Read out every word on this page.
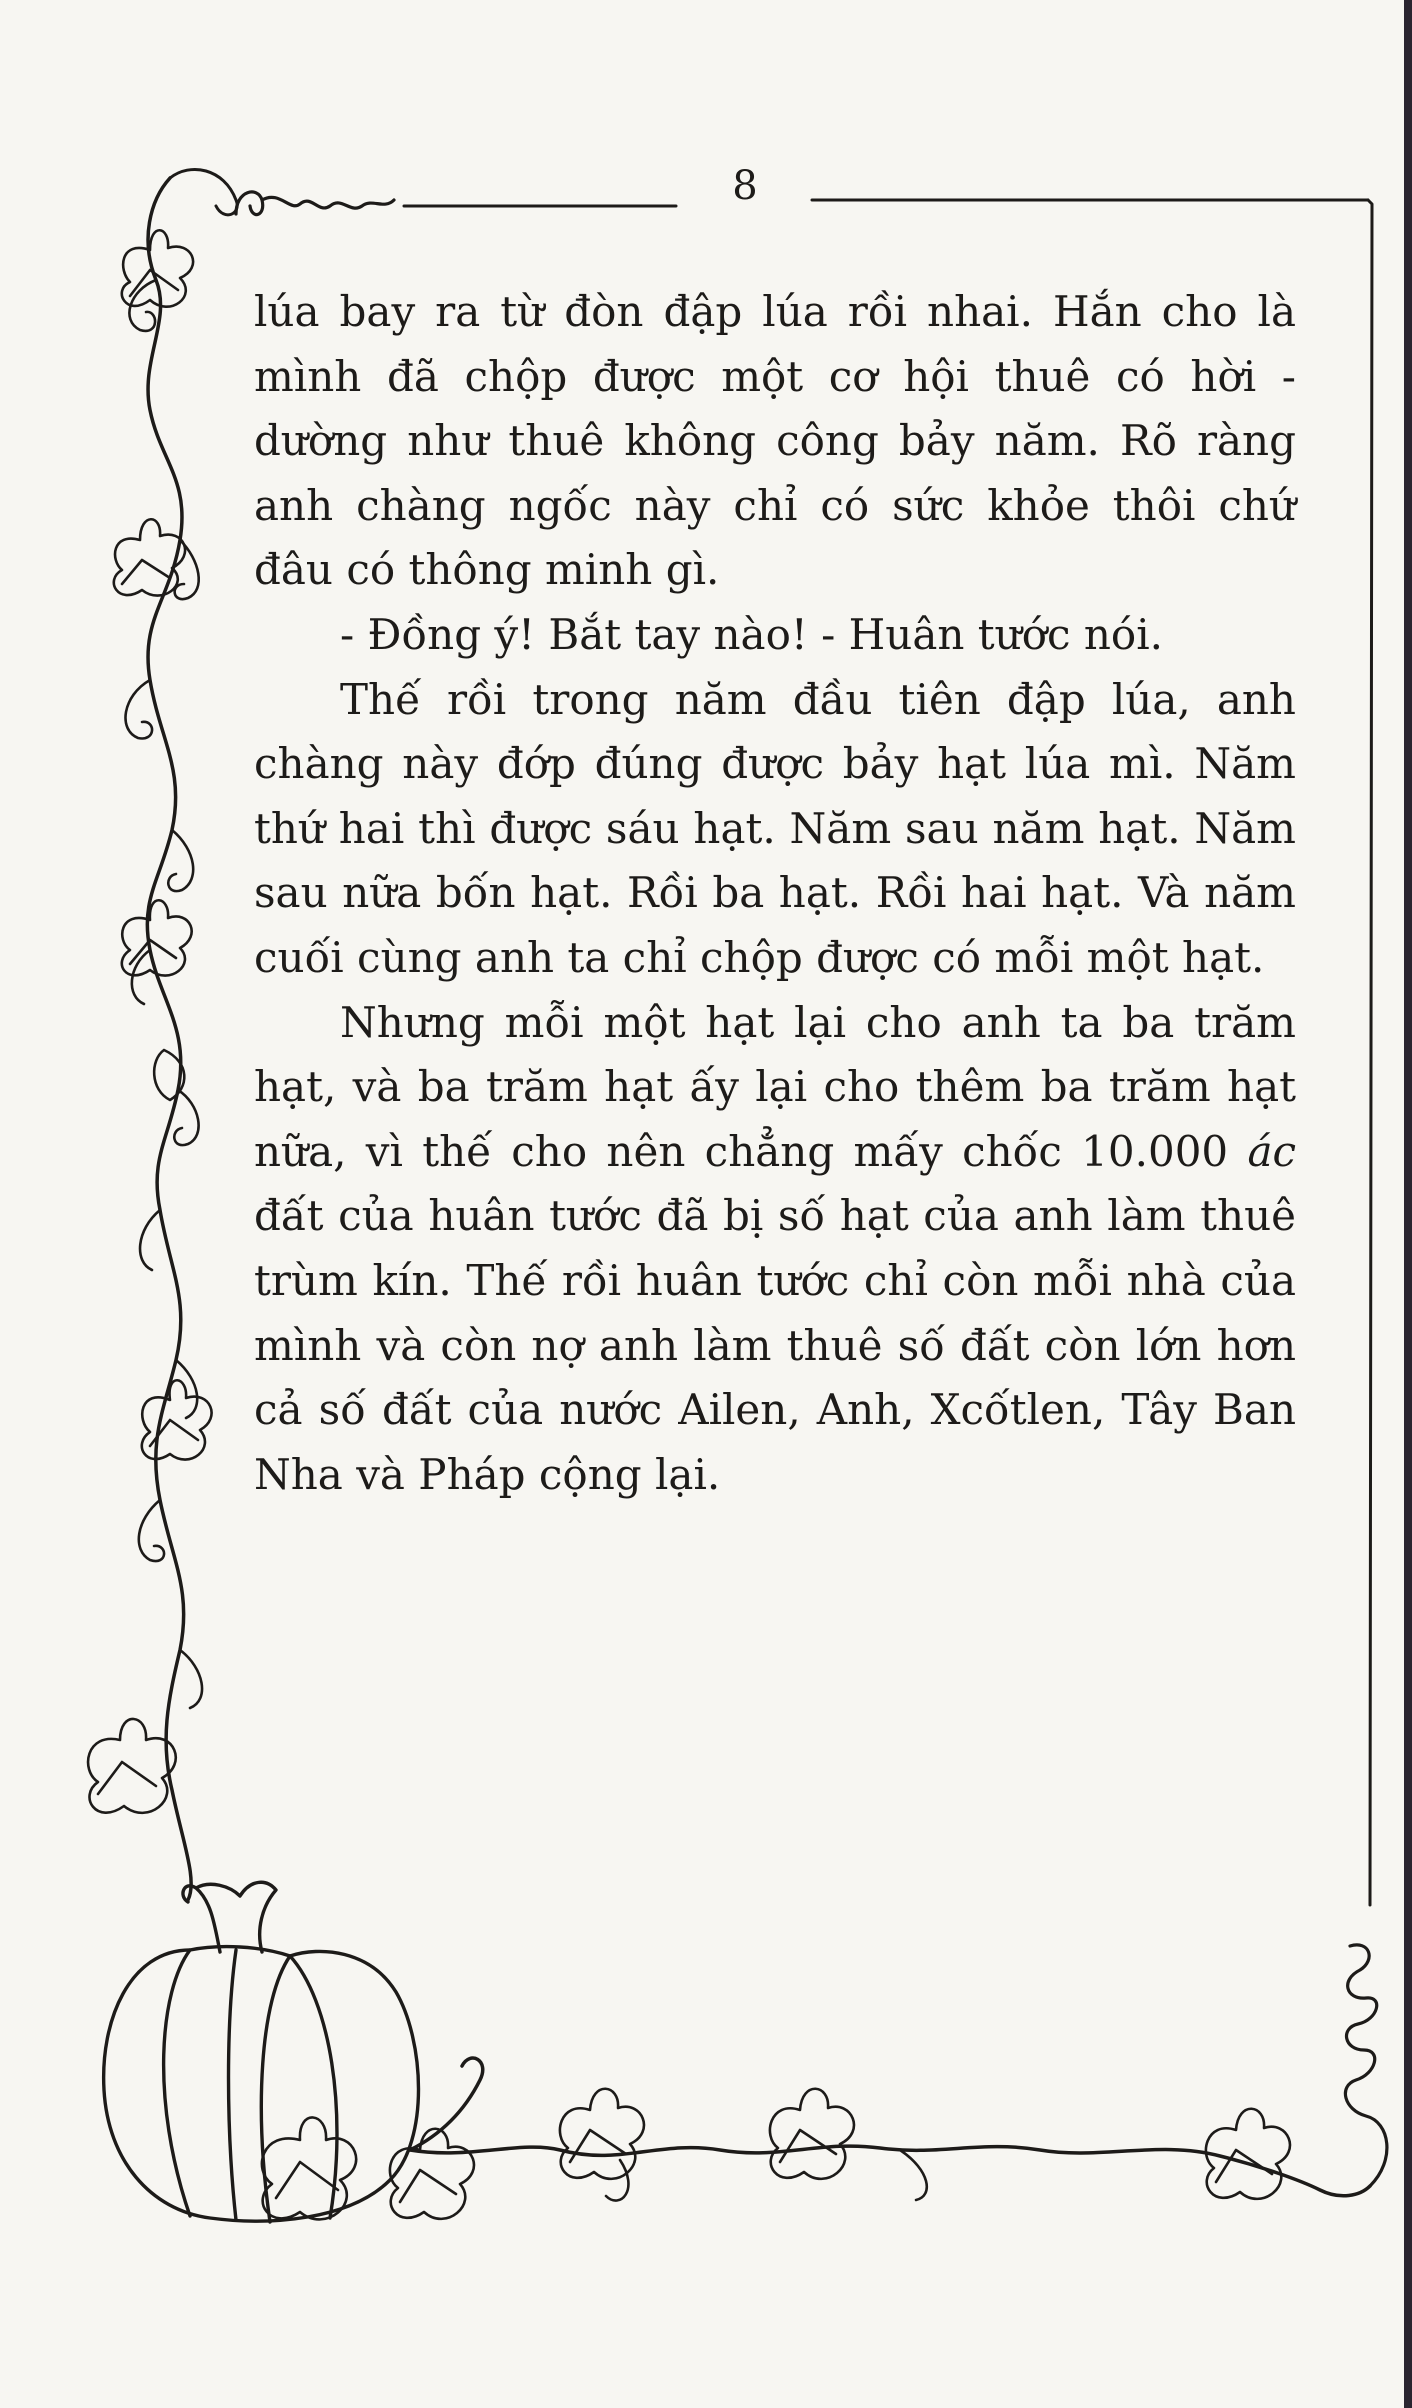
8

lúa bay ra từ đòn đập lúa rồi nhai. Hắn cho là mình đã chộp được một cơ hội thuê có hời - dường như thuê không công bảy năm. Rõ ràng anh chàng ngốc này chỉ có sức khỏe thôi chứ đâu có thông minh gì.

- Đồng ý! Bắt tay nào! - Huân tước nói.

Thế rồi trong năm đầu tiên đập lúa, anh chàng này đớp đúng được bảy hạt lúa mì. Năm thứ hai thì được sáu hạt. Năm sau năm hạt. Năm sau nữa bốn hạt. Rồi ba hạt. Rồi hai hạt. Và năm cuối cùng anh ta chỉ chộp được có mỗi một hạt.

Nhưng mỗi một hạt lại cho anh ta ba trăm hạt, và ba trăm hạt ấy lại cho thêm ba trăm hạt nữa, vì thế cho nên chẳng mấy chốc 10.000 ác đất của huân tước đã bị số hạt của anh làm thuê trùm kín. Thế rồi huân tước chỉ còn mỗi nhà của mình và còn nợ anh làm thuê số đất còn lớn hơn cả số đất của nước Ailen, Anh, Xcốtlen, Tây Ban Nha và Pháp cộng lại.
